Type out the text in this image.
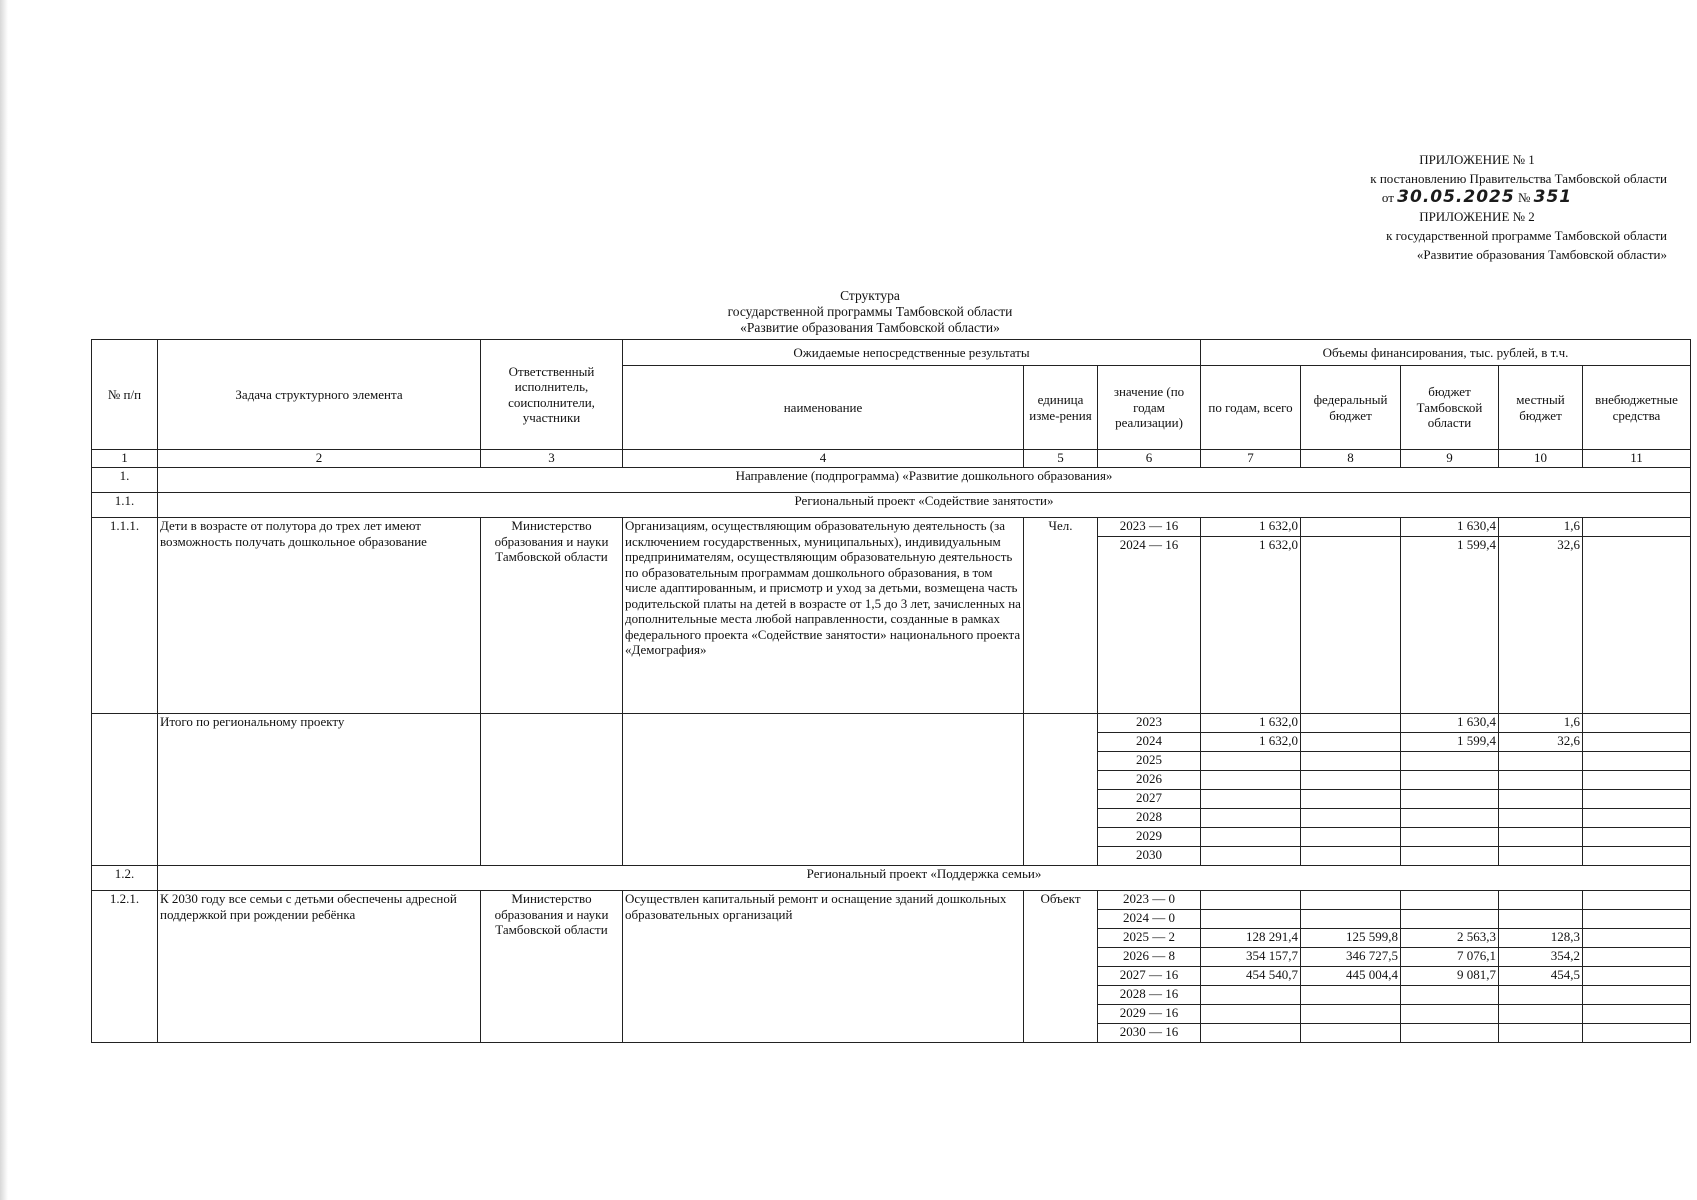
ПРИЛОЖЕНИЕ № 1
к постановлению Правительства Тамбовской области
от 30.05.2025 № 351
ПРИЛОЖЕНИЕ № 2
к государственной программе Тамбовской области
«Развитие образования Тамбовской области»
Структура
государственной программы Тамбовской области
«Развитие образования Тамбовской области»
№ п/п	Задача структурного элемента	Ответственный исполнитель, соисполнители, участники	Ожидаемые непосредственные результаты			Объемы финансирования, тыс. рублей, в т.ч.				
			наименование	единица изме-рения	значение (по годам реализации)	по годам, всего	федеральный бюджет	бюджет Тамбовской области	местный бюджет	внебюджетные средства
1	2	3	4	5	6	7	8	9	10	11
1.	Направление (подпрограмма) «Развитие дошкольного образования»									
1.1.	Региональный проект «Содействие занятости»									
1.1.1.	Дети в возрасте от полутора до трех лет имеют возможность получать дошкольное образование	Министерство образования и науки Тамбовской области	Организациям, осуществляющим образовательную деятельность (за исключением государственных, муниципальных), индивидуальным предпринимателям, осуществляющим образовательную деятельность по образовательным программам дошкольного образования, в том числе адаптированным, и присмотр и уход за детьми, возмещена часть родительской платы на детей в возрасте от 1,5 до 3 лет, зачисленных на дополнительные места любой направленности, созданные в рамках федерального проекта «Содействие занятости» национального проекта «Демография»	Чел.	2023 — 16	1 632,0		1 630,4	1,6	
					2024 — 16	1 632,0		1 599,4	32,6	
	Итого по региональному проекту				2023	1 632,0		1 630,4	1,6	
					2024	1 632,0		1 599,4	32,6	
					2025					
					2026					
					2027					
					2028					
					2029					
					2030					
1.2.	Региональный проект «Поддержка семьи»									
1.2.1.	К 2030 году все семьи с детьми обеспечены адресной поддержкой при рождении ребёнка	Министерство образования и науки Тамбовской области	Осуществлен капитальный ремонт и оснащение зданий дошкольных образовательных организаций	Объект	2023 — 0					
					2024 — 0					
					2025 — 2	128 291,4	125 599,8	2 563,3	128,3	
					2026 — 8	354 157,7	346 727,5	7 076,1	354,2	
					2027 — 16	454 540,7	445 004,4	9 081,7	454,5	
					2028 — 16					
					2029 — 16					
					2030 — 16					
